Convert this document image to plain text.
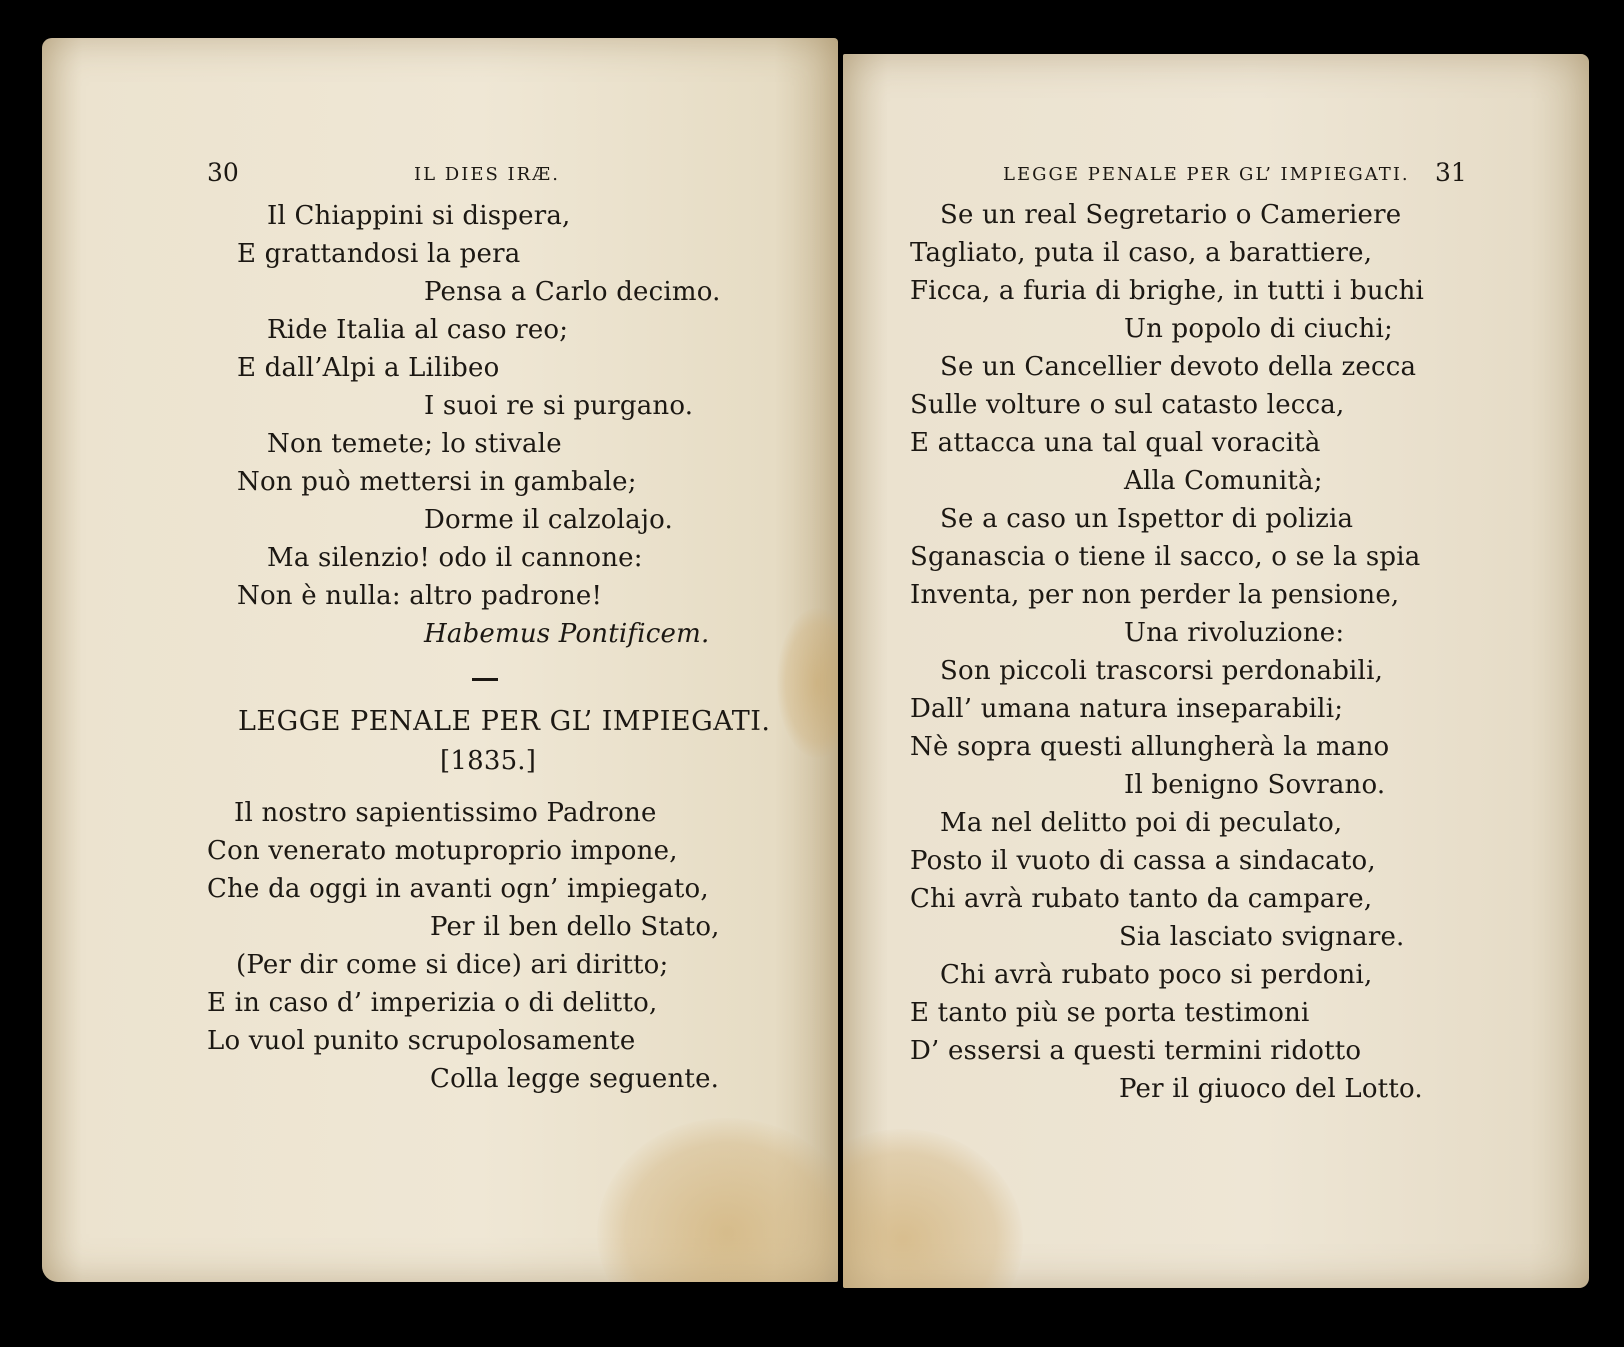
30	IL DIES IRÆ.
Il Chiappini si dispera,
E grattandosi la pera
Pensa a Carlo decimo.
Ride Italia al caso reo;
E dall’Alpi a Lilibeo
I suoi re si purgano.
Non temete; lo stivale
Non può mettersi in gambale;
Dorme il calzolajo.
Ma silenzio! odo il cannone:
Non è nulla: altro padrone!
Habemus Pontificem.
LEGGE PENALE PER GL’ IMPIEGATI.
[1835.]
Il nostro sapientissimo Padrone
Con venerato motuproprio impone,
Che da oggi in avanti ogn’ impiegato,
Per il ben dello Stato,
(Per dir come si dice) ari diritto;
E in caso d’ imperizia o di delitto,
Lo vuol punito scrupolosamente
Colla legge seguente.
LEGGE PENALE PER GL’ IMPIEGATI. 31
Se un real Segretario o Cameriere
Tagliato, puta il caso, a barattiere,
Ficca, a furia di brighe, in tutti i buchi
Un popolo di ciuchi;
Se un Cancellier devoto della zecca
Sulle volture o sul catasto lecca,
E attacca una tal qual voracità
Alla Comunità;
Se a caso un Ispettor di polizia
Sganascia o tiene il sacco, o se la spia
Inventa, per non perder la pensione,
Una rivoluzione:
Son piccoli trascorsi perdonabili,
Dall’ umana natura inseparabili;
Nè sopra questi allungherà la mano
Il benigno Sovrano.
Ma nel delitto poi di peculato,
Posto il vuoto di cassa a sindacato,
Chi avrà rubato tanto da campare,
Sia lasciato svignare.
Chi avrà rubato poco si perdoni,
E tanto più se porta testimoni
D’ essersi a questi termini ridotto
Per il giuoco del Lotto.
